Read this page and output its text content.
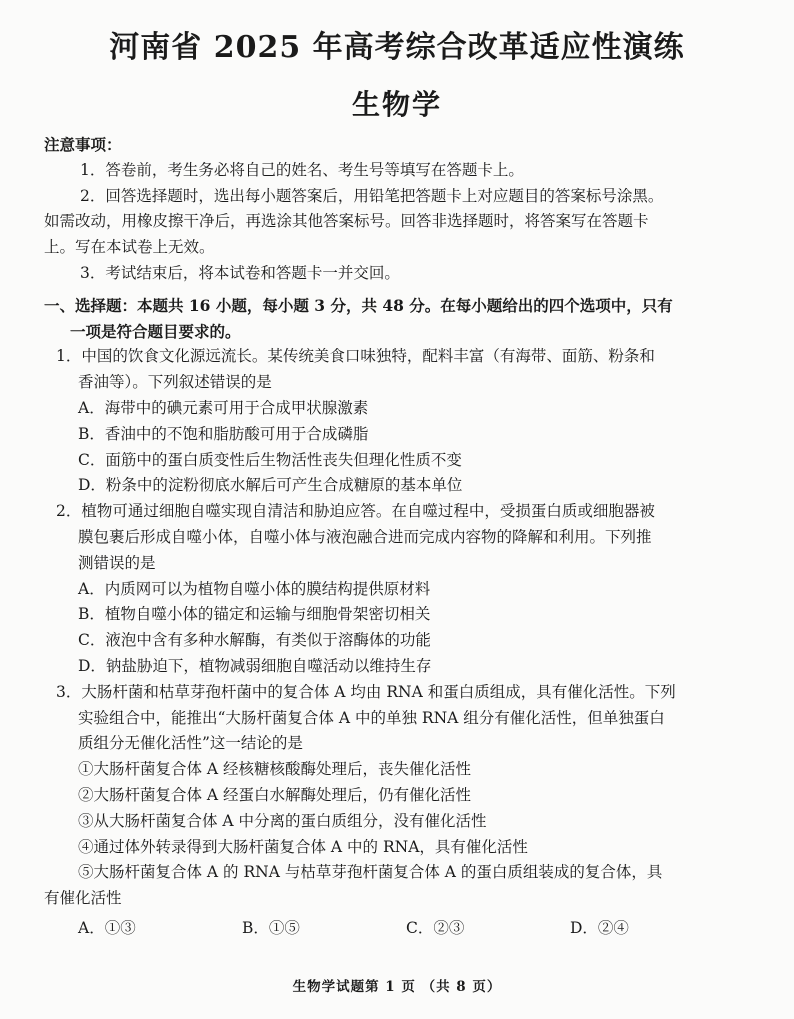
河南省 2025 年高考综合改革适应性演练
生物学
注意事项：
1．答卷前，考生务必将自己的姓名、考生号等填写在答题卡上。
2．回答选择题时，选出每小题答案后，用铅笔把答题卡上对应题目的答案标号涂黑。
如需改动，用橡皮擦干净后，再选涂其他答案标号。回答非选择题时，将答案写在答题卡
上。写在本试卷上无效。
3．考试结束后，将本试卷和答题卡一并交回。
一、选择题：本题共 16 小题，每小题 3 分，共 48 分。在每小题给出的四个选项中，只有
一项是符合题目要求的。
1．中国的饮食文化源远流长。某传统美食口味独特，配料丰富（有海带、面筋、粉条和
香油等）。下列叙述错误的是
A．海带中的碘元素可用于合成甲状腺激素
B．香油中的不饱和脂肪酸可用于合成磷脂
C．面筋中的蛋白质变性后生物活性丧失但理化性质不变
D．粉条中的淀粉彻底水解后可产生合成糖原的基本单位
2．植物可通过细胞自噬实现自清洁和胁迫应答。在自噬过程中，受损蛋白质或细胞器被
膜包裹后形成自噬小体，自噬小体与液泡融合进而完成内容物的降解和利用。下列推
测错误的是
A．内质网可以为植物自噬小体的膜结构提供原材料
B．植物自噬小体的锚定和运输与细胞骨架密切相关
C．液泡中含有多种水解酶，有类似于溶酶体的功能
D．钠盐胁迫下，植物减弱细胞自噬活动以维持生存
3．大肠杆菌和枯草芽孢杆菌中的复合体 A 均由 RNA 和蛋白质组成，具有催化活性。下列
实验组合中，能推出“大肠杆菌复合体 A 中的单独 RNA 组分有催化活性，但单独蛋白
质组分无催化活性”这一结论的是
①大肠杆菌复合体 A 经核糖核酸酶处理后，丧失催化活性
②大肠杆菌复合体 A 经蛋白水解酶处理后，仍有催化活性
③从大肠杆菌复合体 A 中分离的蛋白质组分，没有催化活性
④通过体外转录得到大肠杆菌复合体 A 中的 RNA，具有催化活性
⑤大肠杆菌复合体 A 的 RNA 与枯草芽孢杆菌复合体 A 的蛋白质组装成的复合体，具
有催化活性
A．①③	B．①⑤	C．②③	D．②④
生物学试题第 1 页 （共 8 页）
